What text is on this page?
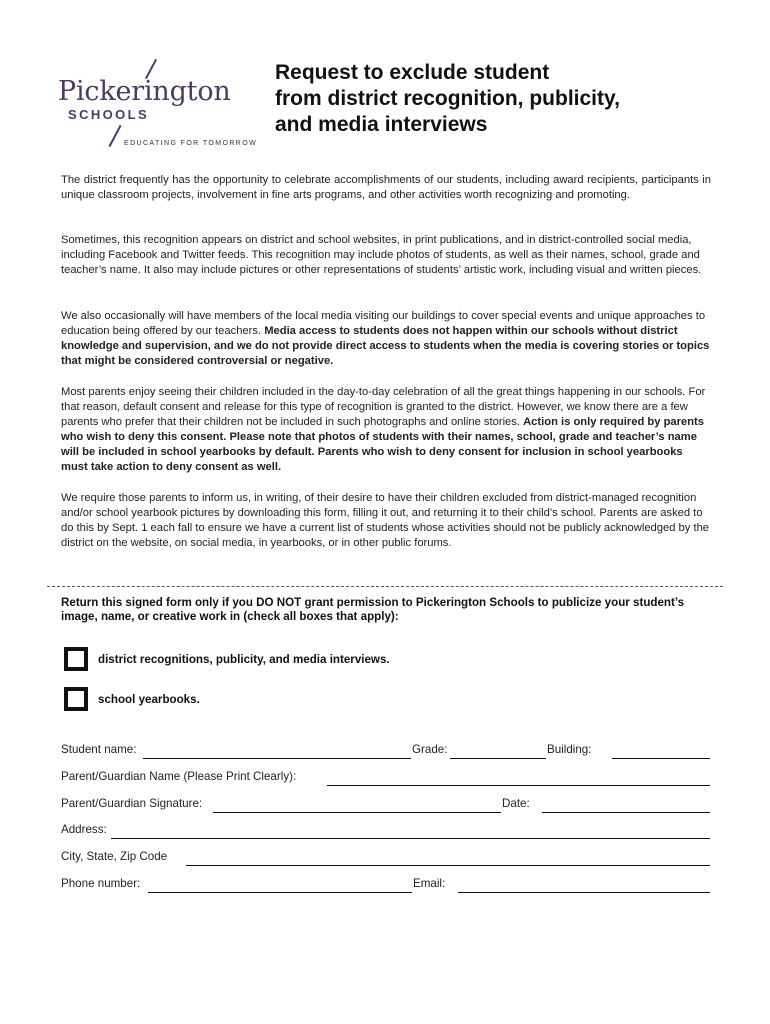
Pickerington
SCHOOLS
EDUCATING FOR TOMORROW
Request to exclude student
from district recognition, publicity,
and media interviews

The district frequently has the opportunity to celebrate accomplishments of our students, including award recipients, participants in unique classroom projects, involvement in fine arts programs, and other activities worth recognizing and promoting.

Sometimes, this recognition appears on district and school websites, in print publications, and in district-controlled social media, including Facebook and Twitter feeds. This recognition may include photos of students, as well as their names, school, grade and teacher’s name. It also may include pictures or other representations of students’ artistic work, including visual and written pieces.

We also occasionally will have members of the local media visiting our buildings to cover special events and unique approaches to education being offered by our teachers. Media access to students does not happen within our schools without district knowledge and supervision, and we do not provide direct access to students when the media is covering stories or topics that might be considered controversial or negative.

Most parents enjoy seeing their children included in the day-to-day celebration of all the great things happening in our schools. For that reason, default consent and release for this type of recognition is granted to the district. However, we know there are a few parents who prefer that their children not be included in such photographs and online stories. Action is only required by parents who wish to deny this consent. Please note that photos of students with their names, school, grade and teacher’s name will be included in school yearbooks by default. Parents who wish to deny consent for inclusion in school yearbooks must take action to deny consent as well.

We require those parents to inform us, in writing, of their desire to have their children excluded from district-managed recognition and/or school yearbook pictures by downloading this form, filling it out, and returning it to their child’s school. Parents are asked to do this by Sept. 1 each fall to ensure we have a current list of students whose activities should not be publicly acknowledged by the district on the website, on social media, in yearbooks, or in other public forums.

Return this signed form only if you DO NOT grant permission to Pickerington Schools to publicize your student’s image, name, or creative work in (check all boxes that apply):
district recognitions, publicity, and media interviews.
school yearbooks.
Student name:	Grade:	Building:
Parent/Guardian Name (Please Print Clearly):
Parent/Guardian Signature:	Date:
Address:
City, State, Zip Code
Phone number:	Email:
